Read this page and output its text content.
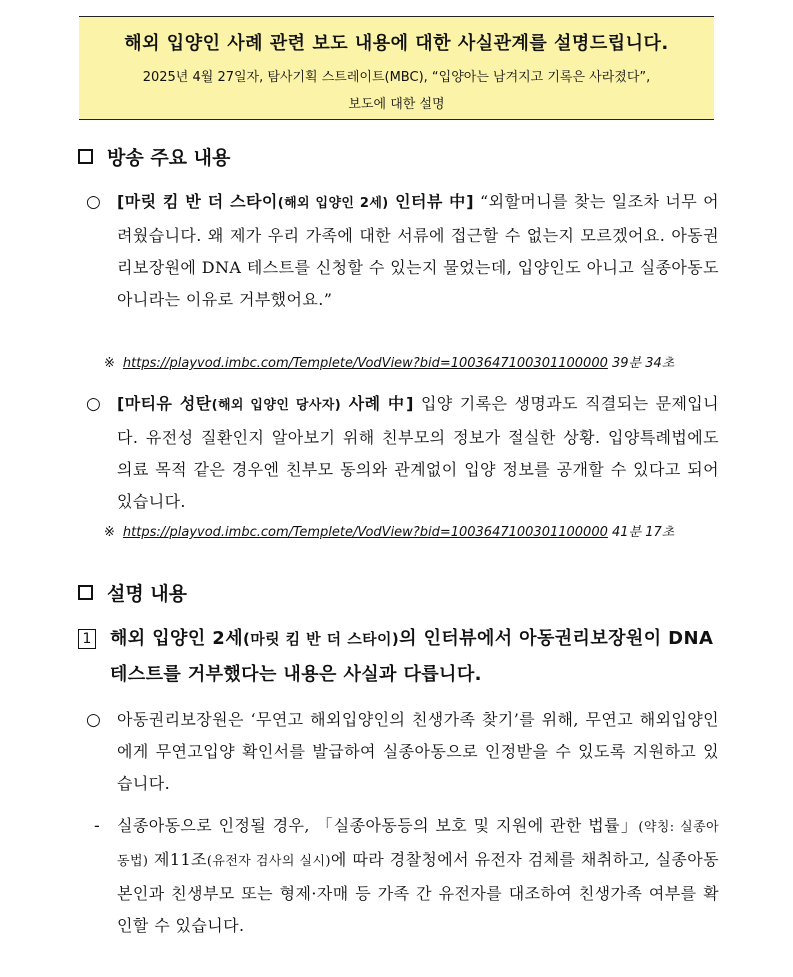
해외 입양인 사례 관련 보도 내용에 대한 사실관계를 설명드립니다.
2025년 4월 27일자, 탐사기획 스트레이트(MBC), “입양아는 남겨지고 기록은 사라졌다”,
보도에 대한 설명
방송 주요 내용
○ [마릿 킴 반 더 스타이(해외 입양인 2세) 인터뷰 中] “외할머니를 찾는 일조차 너무 어려웠습니다. 왜 제가 우리 가족에 대한 서류에 접근할 수 없는지 모르겠어요. 아동권리보장원에 DNA 테스트를 신청할 수 있는지 물었는데, 입양인도 아니고 실종아동도 아니라는 이유로 거부했어요.”
※ https://playvod.imbc.com/Templete/VodView?bid=1003647100301100000 39분 34초
○ [마티유 성탄(해외 입양인 당사자) 사례 中] 입양 기록은 생명과도 직결되는 문제입니다. 유전성 질환인지 알아보기 위해 친부모의 정보가 절실한 상황. 입양특례법에도 의료 목적 같은 경우엔 친부모 동의와 관계없이 입양 정보를 공개할 수 있다고 되어 있습니다.
※ https://playvod.imbc.com/Templete/VodView?bid=1003647100301100000 41분 17초
설명 내용
1 해외 입양인 2세(마릿 킴 반 더 스타이)의 인터뷰에서 아동권리보장원이 DNA 테스트를 거부했다는 내용은 사실과 다릅니다.
○ 아동권리보장원은 ‘무연고 해외입양인의 친생가족 찾기’를 위해, 무연고 해외입양인에게 무연고입양 확인서를 발급하여 실종아동으로 인정받을 수 있도록 지원하고 있습니다.
- 실종아동으로 인정될 경우, 「실종아동등의 보호 및 지원에 관한 법률」(약칭: 실종아동법) 제11조(유전자 검사의 실시)에 따라 경찰청에서 유전자 검체를 채취하고, 실종아동 본인과 친생부모 또는 형제·자매 등 가족 간 유전자를 대조하여 친생가족 여부를 확인할 수 있습니다.
